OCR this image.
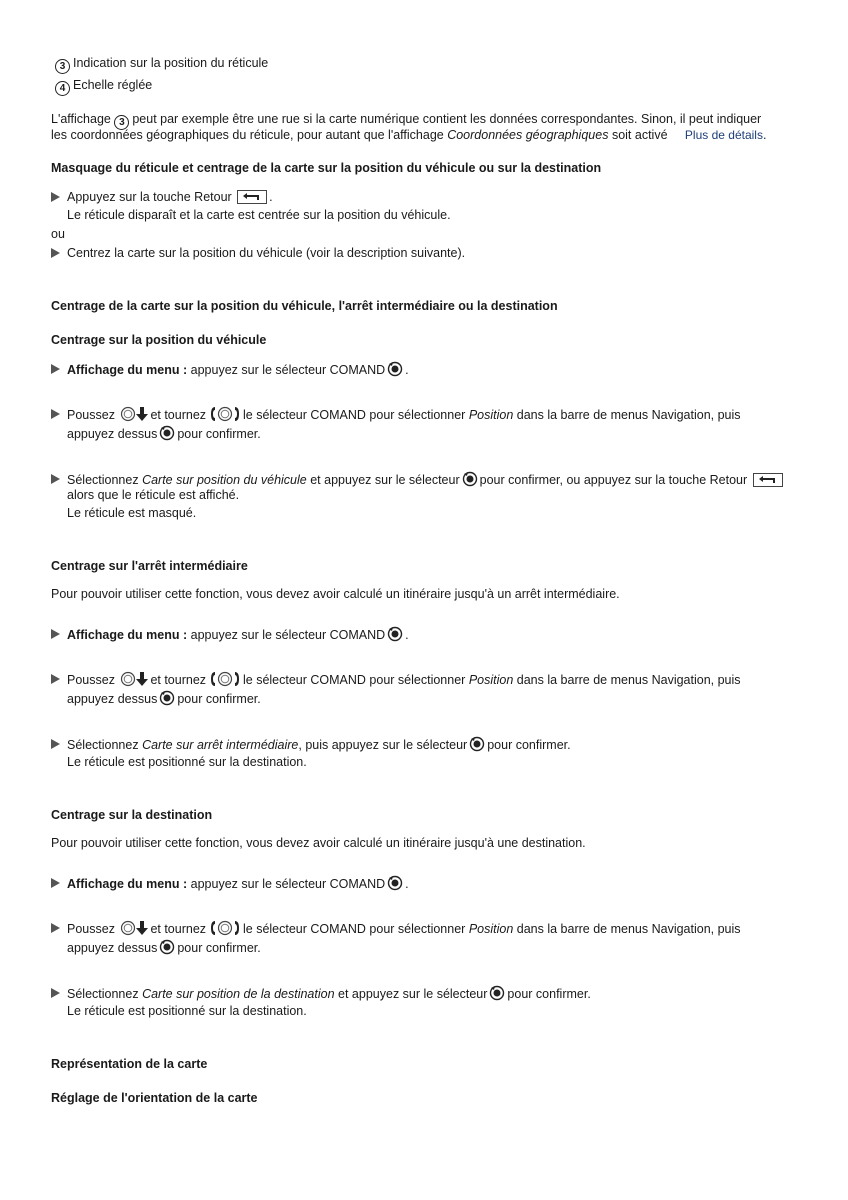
3 Indication sur la position du réticule
4 Echelle réglée
L'affichage 3 peut par exemple être une rue si la carte numérique contient les données correspondantes. Sinon, il peut indiquer
les coordonnées géographiques du réticule, pour autant que l'affichage Coordonnées géographiques soit activé Plus de détails.
Masquage du réticule et centrage de la carte sur la position du véhicule ou sur la destination
Appuyez sur la touche Retour	.
Le réticule disparaît et la carte est centrée sur la position du véhicule.
ou
Centrez la carte sur la position du véhicule (voir la description suivante).
Centrage de la carte sur la position du véhicule, l'arrêt intermédiaire ou la destination
Centrage sur la position du véhicule
Affichage du menu : appuyez sur le sélecteur COMAND .
Poussez	et tournez	le sélecteur COMAND pour sélectionner Position dans la barre de menus Navigation, puis
appuyez dessus pour confirmer.
Sélectionnez Carte sur position du véhicule et appuyez sur le sélecteur pour confirmer, ou appuyez sur la touche Retour
alors que le réticule est affiché.
Le réticule est masqué.
Centrage sur l'arrêt intermédiaire
Pour pouvoir utiliser cette fonction, vous devez avoir calculé un itinéraire jusqu'à un arrêt intermédiaire.
Affichage du menu : appuyez sur le sélecteur COMAND .
Poussez	et tournez	le sélecteur COMAND pour sélectionner Position dans la barre de menus Navigation, puis
appuyez dessus pour confirmer.
Sélectionnez Carte sur arrêt intermédiaire, puis appuyez sur le sélecteur pour confirmer.
Le réticule est positionné sur la destination.
Centrage sur la destination
Pour pouvoir utiliser cette fonction, vous devez avoir calculé un itinéraire jusqu'à une destination.
Affichage du menu : appuyez sur le sélecteur COMAND .
Poussez	et tournez	le sélecteur COMAND pour sélectionner Position dans la barre de menus Navigation, puis
appuyez dessus pour confirmer.
Sélectionnez Carte sur position de la destination et appuyez sur le sélecteur pour confirmer.
Le réticule est positionné sur la destination.
Représentation de la carte
Réglage de l'orientation de la carte
